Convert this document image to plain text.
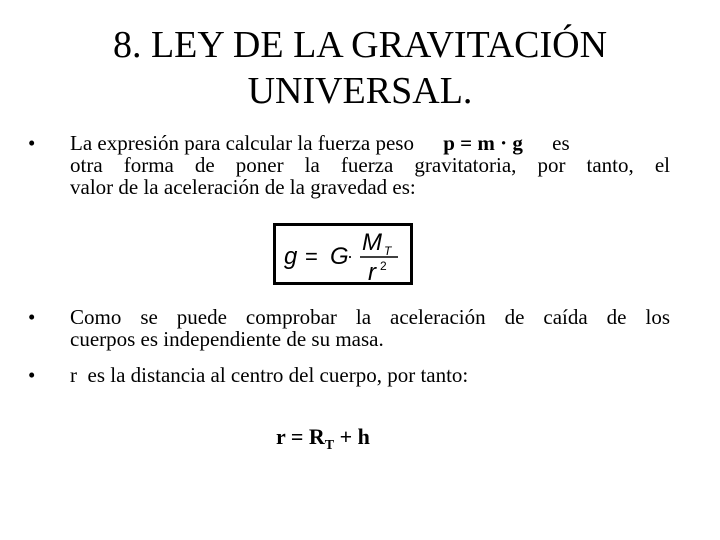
8. LEY DE LA GRAVITACIÓN
UNIVERSAL.
• La expresión para calcular la fuerza peso p = m · g es
otra forma de poner la fuerza gravitatoria, por tanto, el
valor de la aceleración de la gravedad es:
g = G
· M T
r 2
• Como se puede comprobar la aceleración de caída de los
cuerpos es independiente de su masa.
• r  es la distancia al centro del cuerpo, por tanto:
$r = R_T + h$
